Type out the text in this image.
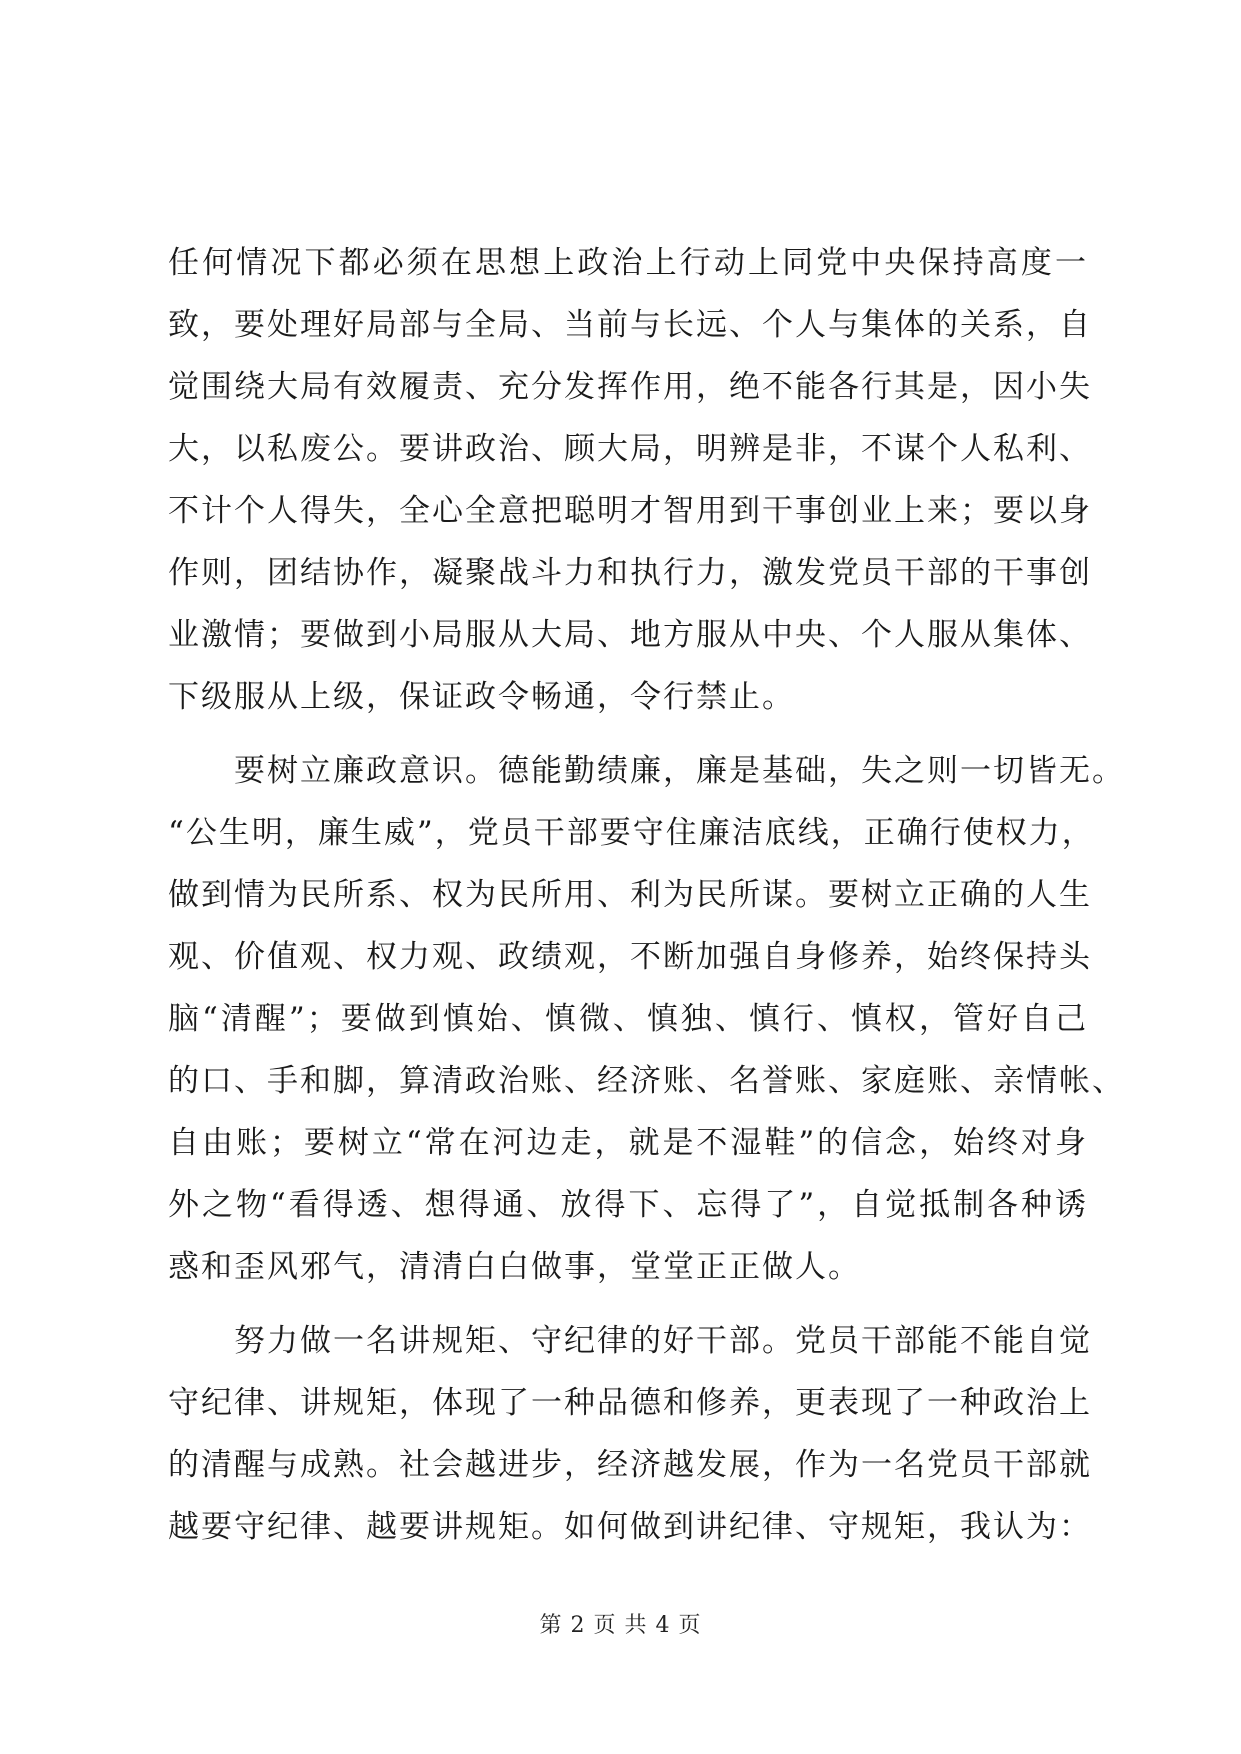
任何情况下都必须在思想上政治上行动上同党中央保持高度一
致，要处理好局部与全局、当前与长远、个人与集体的关系，自
觉围绕大局有效履责、充分发挥作用，绝不能各行其是，因小失
大，以私废公。要讲政治、顾大局，明辨是非，不谋个人私利、
不计个人得失，全心全意把聪明才智用到干事创业上来；要以身
作则，团结协作，凝聚战斗力和执行力，激发党员干部的干事创
业激情；要做到小局服从大局、地方服从中央、个人服从集体、
下级服从上级，保证政令畅通，令行禁止。
　　要树立廉政意识。德能勤绩廉，廉是基础，失之则一切皆无。
“公生明，廉生威”，党员干部要守住廉洁底线，正确行使权力，
做到情为民所系、权为民所用、利为民所谋。要树立正确的人生
观、价值观、权力观、政绩观，不断加强自身修养，始终保持头
脑“清醒”；要做到慎始、慎微、慎独、慎行、慎权，管好自己
的口、手和脚，算清政治账、经济账、名誉账、家庭账、亲情帐、
自由账；要树立“常在河边走，就是不湿鞋”的信念，始终对身
外之物“看得透、想得通、放得下、忘得了”，自觉抵制各种诱
惑和歪风邪气，清清白白做事，堂堂正正做人。
　　努力做一名讲规矩、守纪律的好干部。党员干部能不能自觉
守纪律、讲规矩，体现了一种品德和修养，更表现了一种政治上
的清醒与成熟。社会越进步，经济越发展，作为一名党员干部就
越要守纪律、越要讲规矩。如何做到讲纪律、守规矩，我认为：
第 2 页 共 4 页
